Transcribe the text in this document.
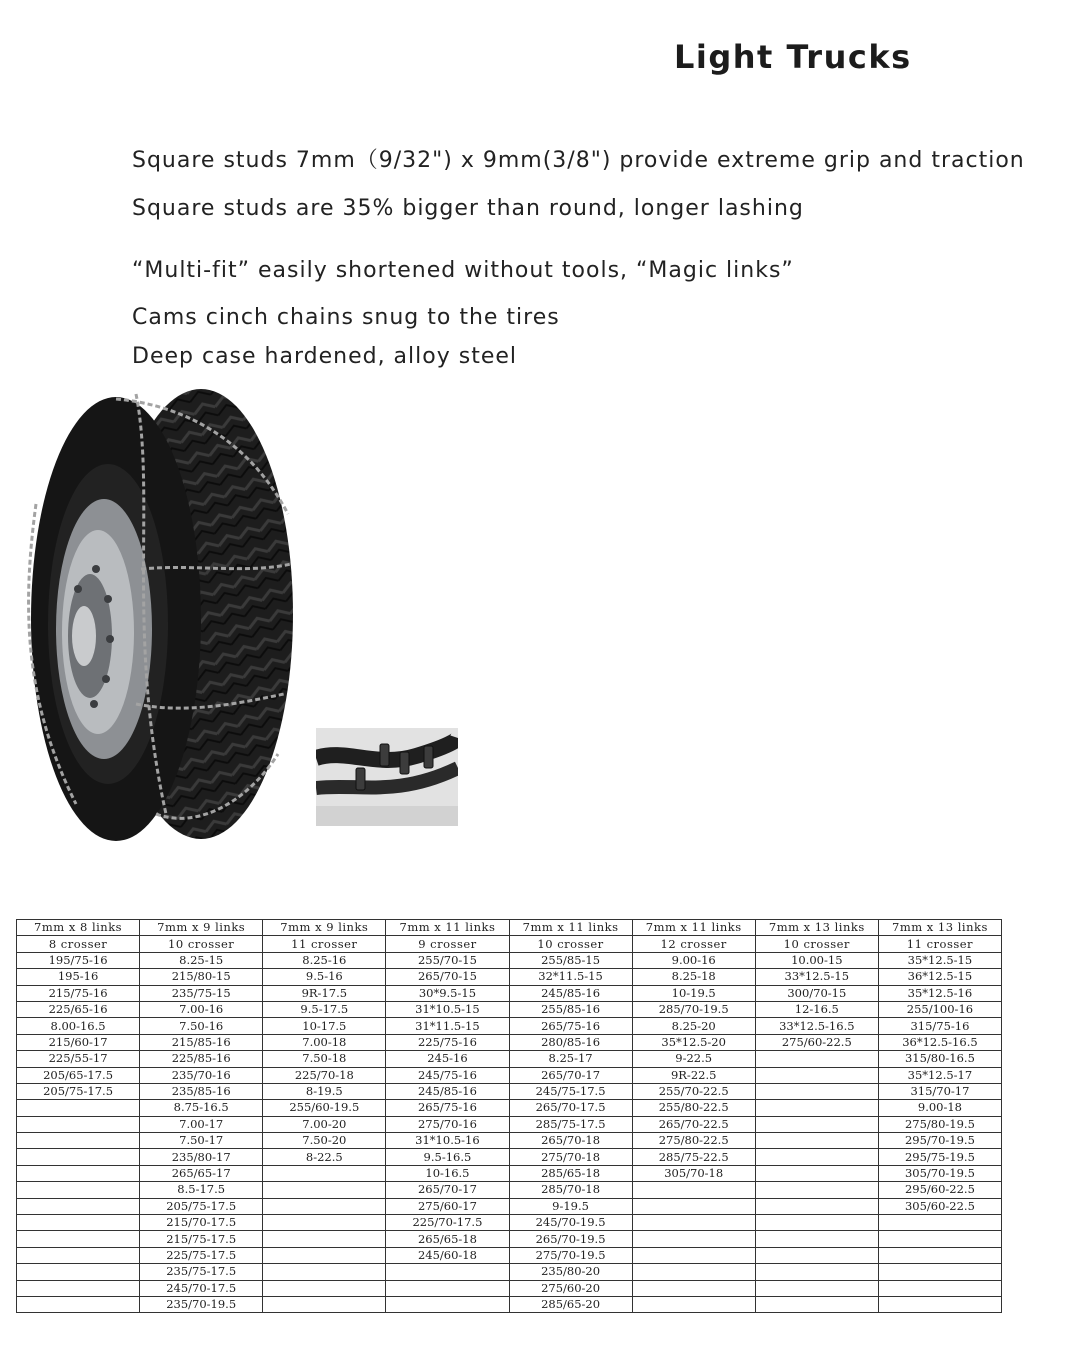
Light Trucks
Square studs 7mm（9/32") x 9mm(3/8") provide extreme grip and traction
Square studs are 35% bigger than round, longer lashing
“Multi-fit” easily shortened without tools, “Magic links”
Cams cinch chains snug to the tires
Deep case hardened, alloy steel
7mm x 8 links	7mm x 9 links	7mm x 9 links	7mm x 11 links	7mm x 11 links	7mm x 11 links	7mm x 13 links	7mm x 13 links
8 crosser	10 crosser	11 crosser	9 crosser	10 crosser	12 crosser	10 crosser	11 crosser
195/75-16	8.25-15	8.25-16	255/70-15	255/85-15	9.00-16	10.00-15	35*12.5-15
195-16	215/80-15	9.5-16	265/70-15	32*11.5-15	8.25-18	33*12.5-15	36*12.5-15
215/75-16	235/75-15	9R-17.5	30*9.5-15	245/85-16	10-19.5	300/70-15	35*12.5-16
225/65-16	7.00-16	9.5-17.5	31*10.5-15	255/85-16	285/70-19.5	12-16.5	255/100-16
8.00-16.5	7.50-16	10-17.5	31*11.5-15	265/75-16	8.25-20	33*12.5-16.5	315/75-16
215/60-17	215/85-16	7.00-18	225/75-16	280/85-16	35*12.5-20	275/60-22.5	36*12.5-16.5
225/55-17	225/85-16	7.50-18	245-16	8.25-17	9-22.5		315/80-16.5
205/65-17.5	235/70-16	225/70-18	245/75-16	265/70-17	9R-22.5		35*12.5-17
205/75-17.5	235/85-16	8-19.5	245/85-16	245/75-17.5	255/70-22.5		315/70-17
	8.75-16.5	255/60-19.5	265/75-16	265/70-17.5	255/80-22.5		9.00-18
	7.00-17	7.00-20	275/70-16	285/75-17.5	265/70-22.5		275/80-19.5
	7.50-17	7.50-20	31*10.5-16	265/70-18	275/80-22.5		295/70-19.5
	235/80-17	8-22.5	9.5-16.5	275/70-18	285/75-22.5		295/75-19.5
	265/65-17		10-16.5	285/65-18	305/70-18		305/70-19.5
	8.5-17.5		265/70-17	285/70-18			295/60-22.5
	205/75-17.5		275/60-17	9-19.5			305/60-22.5
	215/70-17.5		225/70-17.5	245/70-19.5			
	215/75-17.5		265/65-18	265/70-19.5			
	225/75-17.5		245/60-18	275/70-19.5			
	235/75-17.5			235/80-20			
	245/70-17.5			275/60-20			
	235/70-19.5			285/65-20			
